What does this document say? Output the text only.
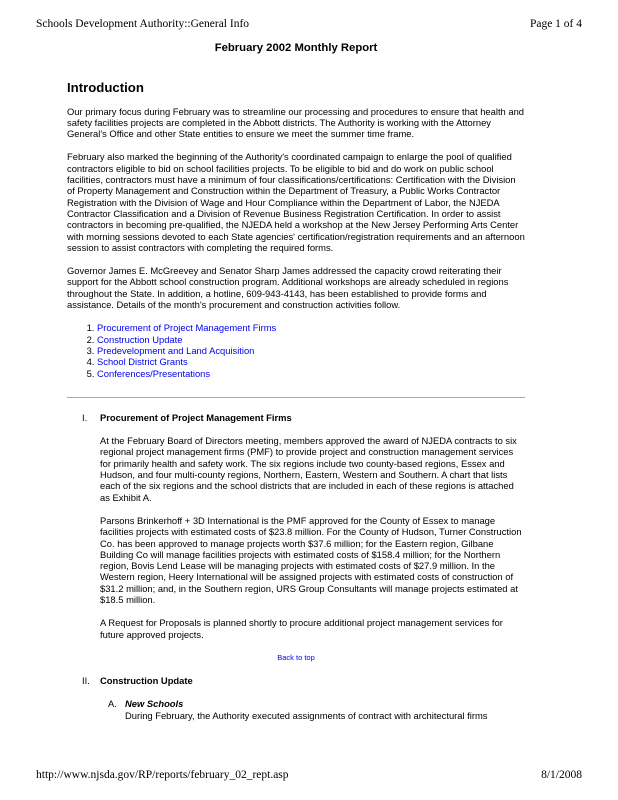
Schools Development Authority::General Info	Page 1 of 4
February 2002 Monthly Report
Introduction

Our primary focus during February was to streamline our processing and procedures to ensure that health and safety facilities projects are completed in the Abbott districts. The Authority is working with the Attorney General's Office and other State entities to ensure we meet the summer time frame.

February also marked the beginning of the Authority's coordinated campaign to enlarge the pool of qualified contractors eligible to bid on school facilities projects. To be eligible to bid and do work on public school facilities, contractors must have a minimum of four classifications/certifications: Certification with the Division of Property Management and Construction within the Department of Treasury, a Public Works Contractor Registration with the Division of Wage and Hour Compliance within the Department of Labor, the NJEDA Contractor Classification and a Division of Revenue Business Registration Certification. In order to assist contractors in becoming pre-qualified, the NJEDA held a workshop at the New Jersey Performing Arts Center with morning sessions devoted to each State agencies' certification/registration requirements and an afternoon session to assist contractors with completing the required forms.

Governor James E. McGreevey and Senator Sharp James addressed the capacity crowd reiterating their support for the Abbott school construction program. Additional workshops are already scheduled in regions throughout the State. In addition, a hotline, 609-943-4143, has been established to provide forms and assistance. Details of the month's procurement and construction activities follow.

1. Procurement of Project Management Firms
2. Construction Update
3. Predevelopment and Land Acquisition
4. School District Grants
5. Conferences/Presentations
I. Procurement of Project Management Firms

At the February Board of Directors meeting, members approved the award of NJEDA contracts to six regional project management firms (PMF) to provide project and construction management services for primarily health and safety work. The six regions include two county-based regions, Essex and Hudson, and four multi-county regions, Northern, Eastern, Western and Southern. A chart that lists each of the six regions and the school districts that are included in each of these regions is attached as Exhibit A.

Parsons Brinkerhoff + 3D International is the PMF approved for the County of Essex to manage facilities projects with estimated costs of $23.8 million. For the County of Hudson, Turner Construction Co. has been approved to manage projects worth $37.6 million; for the Eastern region, Gilbane Building Co will manage facilities projects with estimated costs of $158.4 million; for the Northern region, Bovis Lend Lease will be managing projects with estimated costs of $27.9 million. In the Western region, Heery International will be assigned projects with estimated costs of construction of $31.2 million; and, in the Southern region, URS Group Consultants will manage projects estimated at $18.5 million.

A Request for Proposals is planned shortly to procure additional project management services for future approved projects.

Back to top
II. Construction Update
A. New Schools
During February, the Authority executed assignments of contract with architectural firms
http://www.njsda.gov/RP/reports/february_02_rept.asp	8/1/2008
